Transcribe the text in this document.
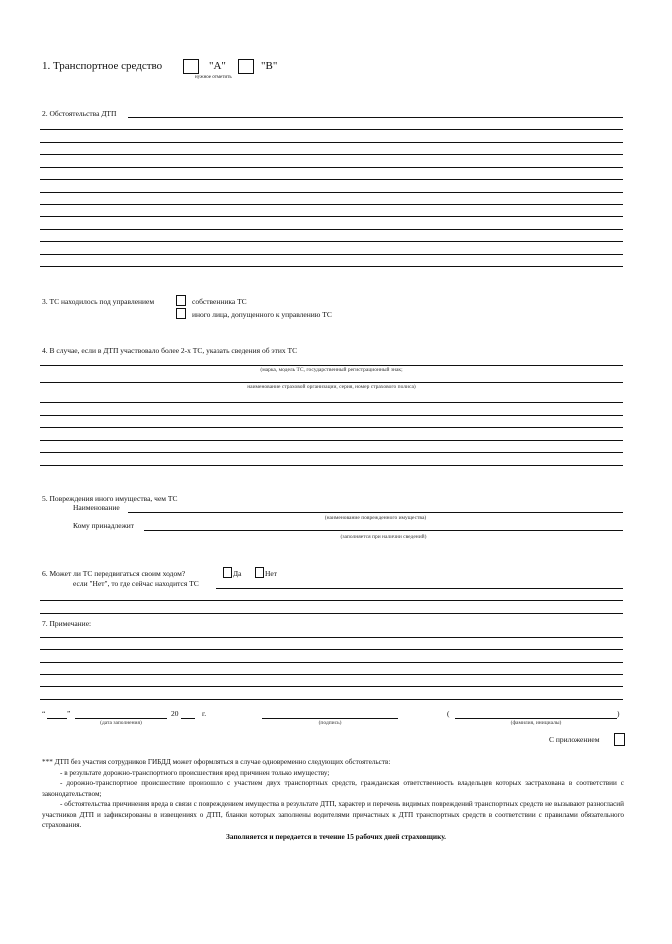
1. Транспортное средство	"А"	"В"
нужное отметить
2. Обстоятельства ДТП
3. ТС находилось под управлением	собственника ТС
иного лица, допущенного к управлению ТС
4. В случае, если в ДТП участвовало более 2-х ТС, указать сведения об этих ТС
(марка, модель ТС, государственный регистрационный знак;
наименование страховой организации, серия, номер страхового полиса)
5. Повреждения иного имущества, чем ТС
Наименование
(наименование поврежденного имущества)
Кому принадлежит
(заполняется при наличии сведений)
6. Может ли ТС передвигаться своим ходом?	Да	Нет
если "Нет", то где сейчас находится ТС
7. Примечание:
“	”
(дата заполнения)
20	г.
(подпись)
(	)
(фамилия, инициалы)
С приложением

*** ДТП без участия сотрудников ГИБДД может оформляться в случае одновременно следующих обстоятельств:

- в результате дорожно-транспортного происшествия вред причинен только имуществу;

- дорожно-транспортное происшествие произошло с участием двух транспортных средств, гражданская ответственность владельцев которых застрахована в соответствии с законодательством;

- обстоятельства причинения вреда в связи с повреждением имущества в результате ДТП, характер и перечень видимых повреждений транспортных средств не вызывают разногласий участников ДТП и зафиксированы в извещениях о ДТП, бланки которых заполнены водителями причастных к ДТП транспортных средств в соответствии с правилами обязательного страхования.

Заполняется и передается в течение 15 рабочих дней страховщику.
